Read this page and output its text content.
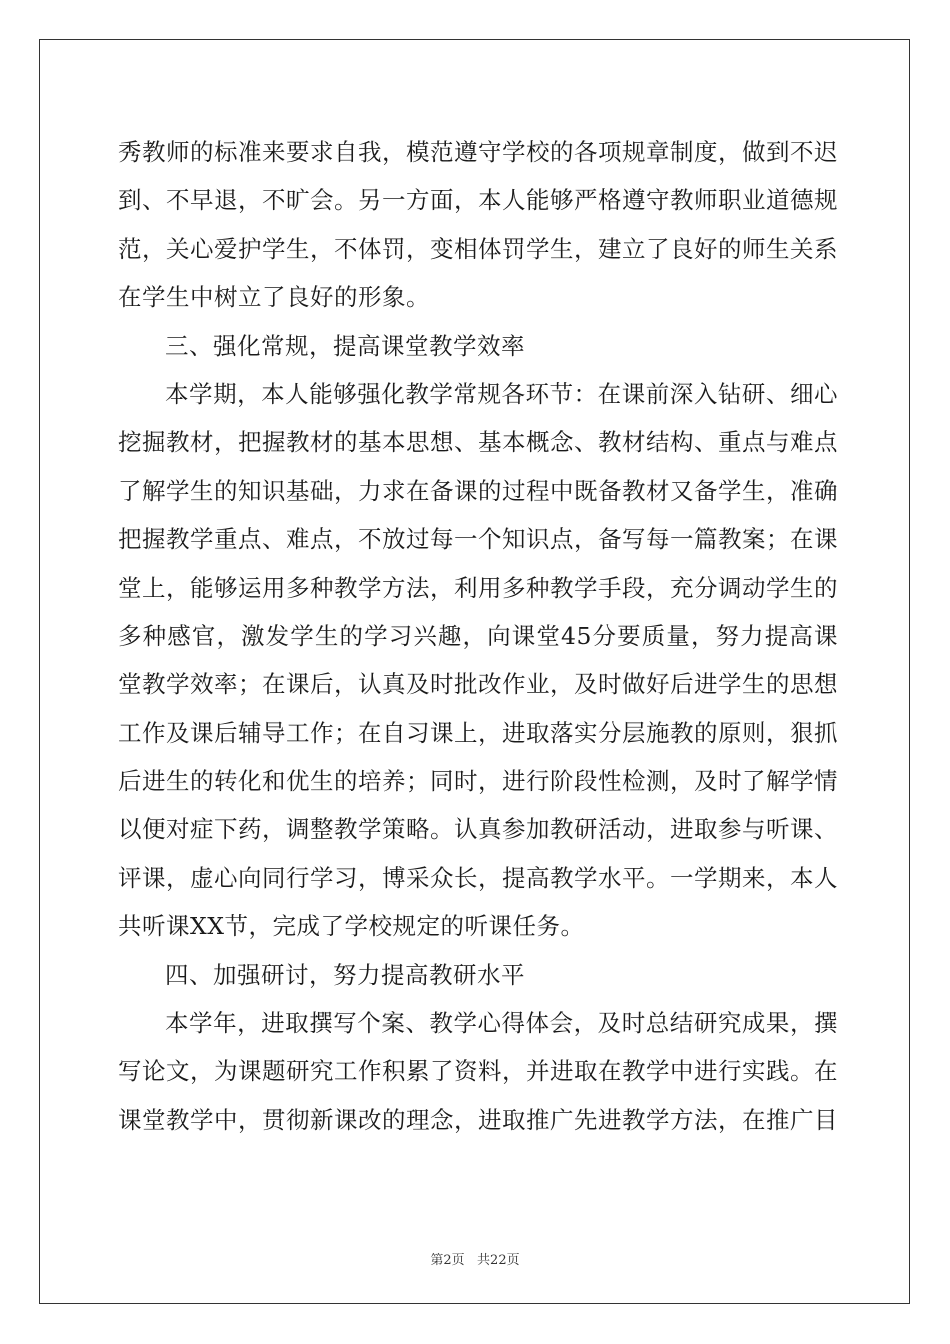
秀教师的标准来要求自我，模范遵守学校的各项规章制度，做到不迟
到、不早退，不旷会。另一方面，本人能够严格遵守教师职业道德规
范，关心爱护学生，不体罚，变相体罚学生，建立了良好的师生关系
在学生中树立了良好的形象。
三、强化常规，提高课堂教学效率
本学期，本人能够强化教学常规各环节：在课前深入钻研、细心
挖掘教材，把握教材的基本思想、基本概念、教材结构、重点与难点
了解学生的知识基础，力求在备课的过程中既备教材又备学生，准确
把握教学重点、难点，不放过每一个知识点，备写每一篇教案；在课
堂上，能够运用多种教学方法，利用多种教学手段，充分调动学生的
多种感官，激发学生的学习兴趣，向课堂45分要质量，努力提高课
堂教学效率；在课后，认真及时批改作业，及时做好后进学生的思想
工作及课后辅导工作；在自习课上，进取落实分层施教的原则，狠抓
后进生的转化和优生的培养；同时，进行阶段性检测，及时了解学情
以便对症下药，调整教学策略。认真参加教研活动，进取参与听课、
评课，虚心向同行学习，博采众长，提高教学水平。一学期来，本人
共听课XX节，完成了学校规定的听课任务。
四、加强研讨，努力提高教研水平
本学年，进取撰写个案、教学心得体会，及时总结研究成果，撰
写论文，为课题研究工作积累了资料，并进取在教学中进行实践。在
课堂教学中，贯彻新课改的理念，进取推广先进教学方法，在推广目
第2页   共22页
